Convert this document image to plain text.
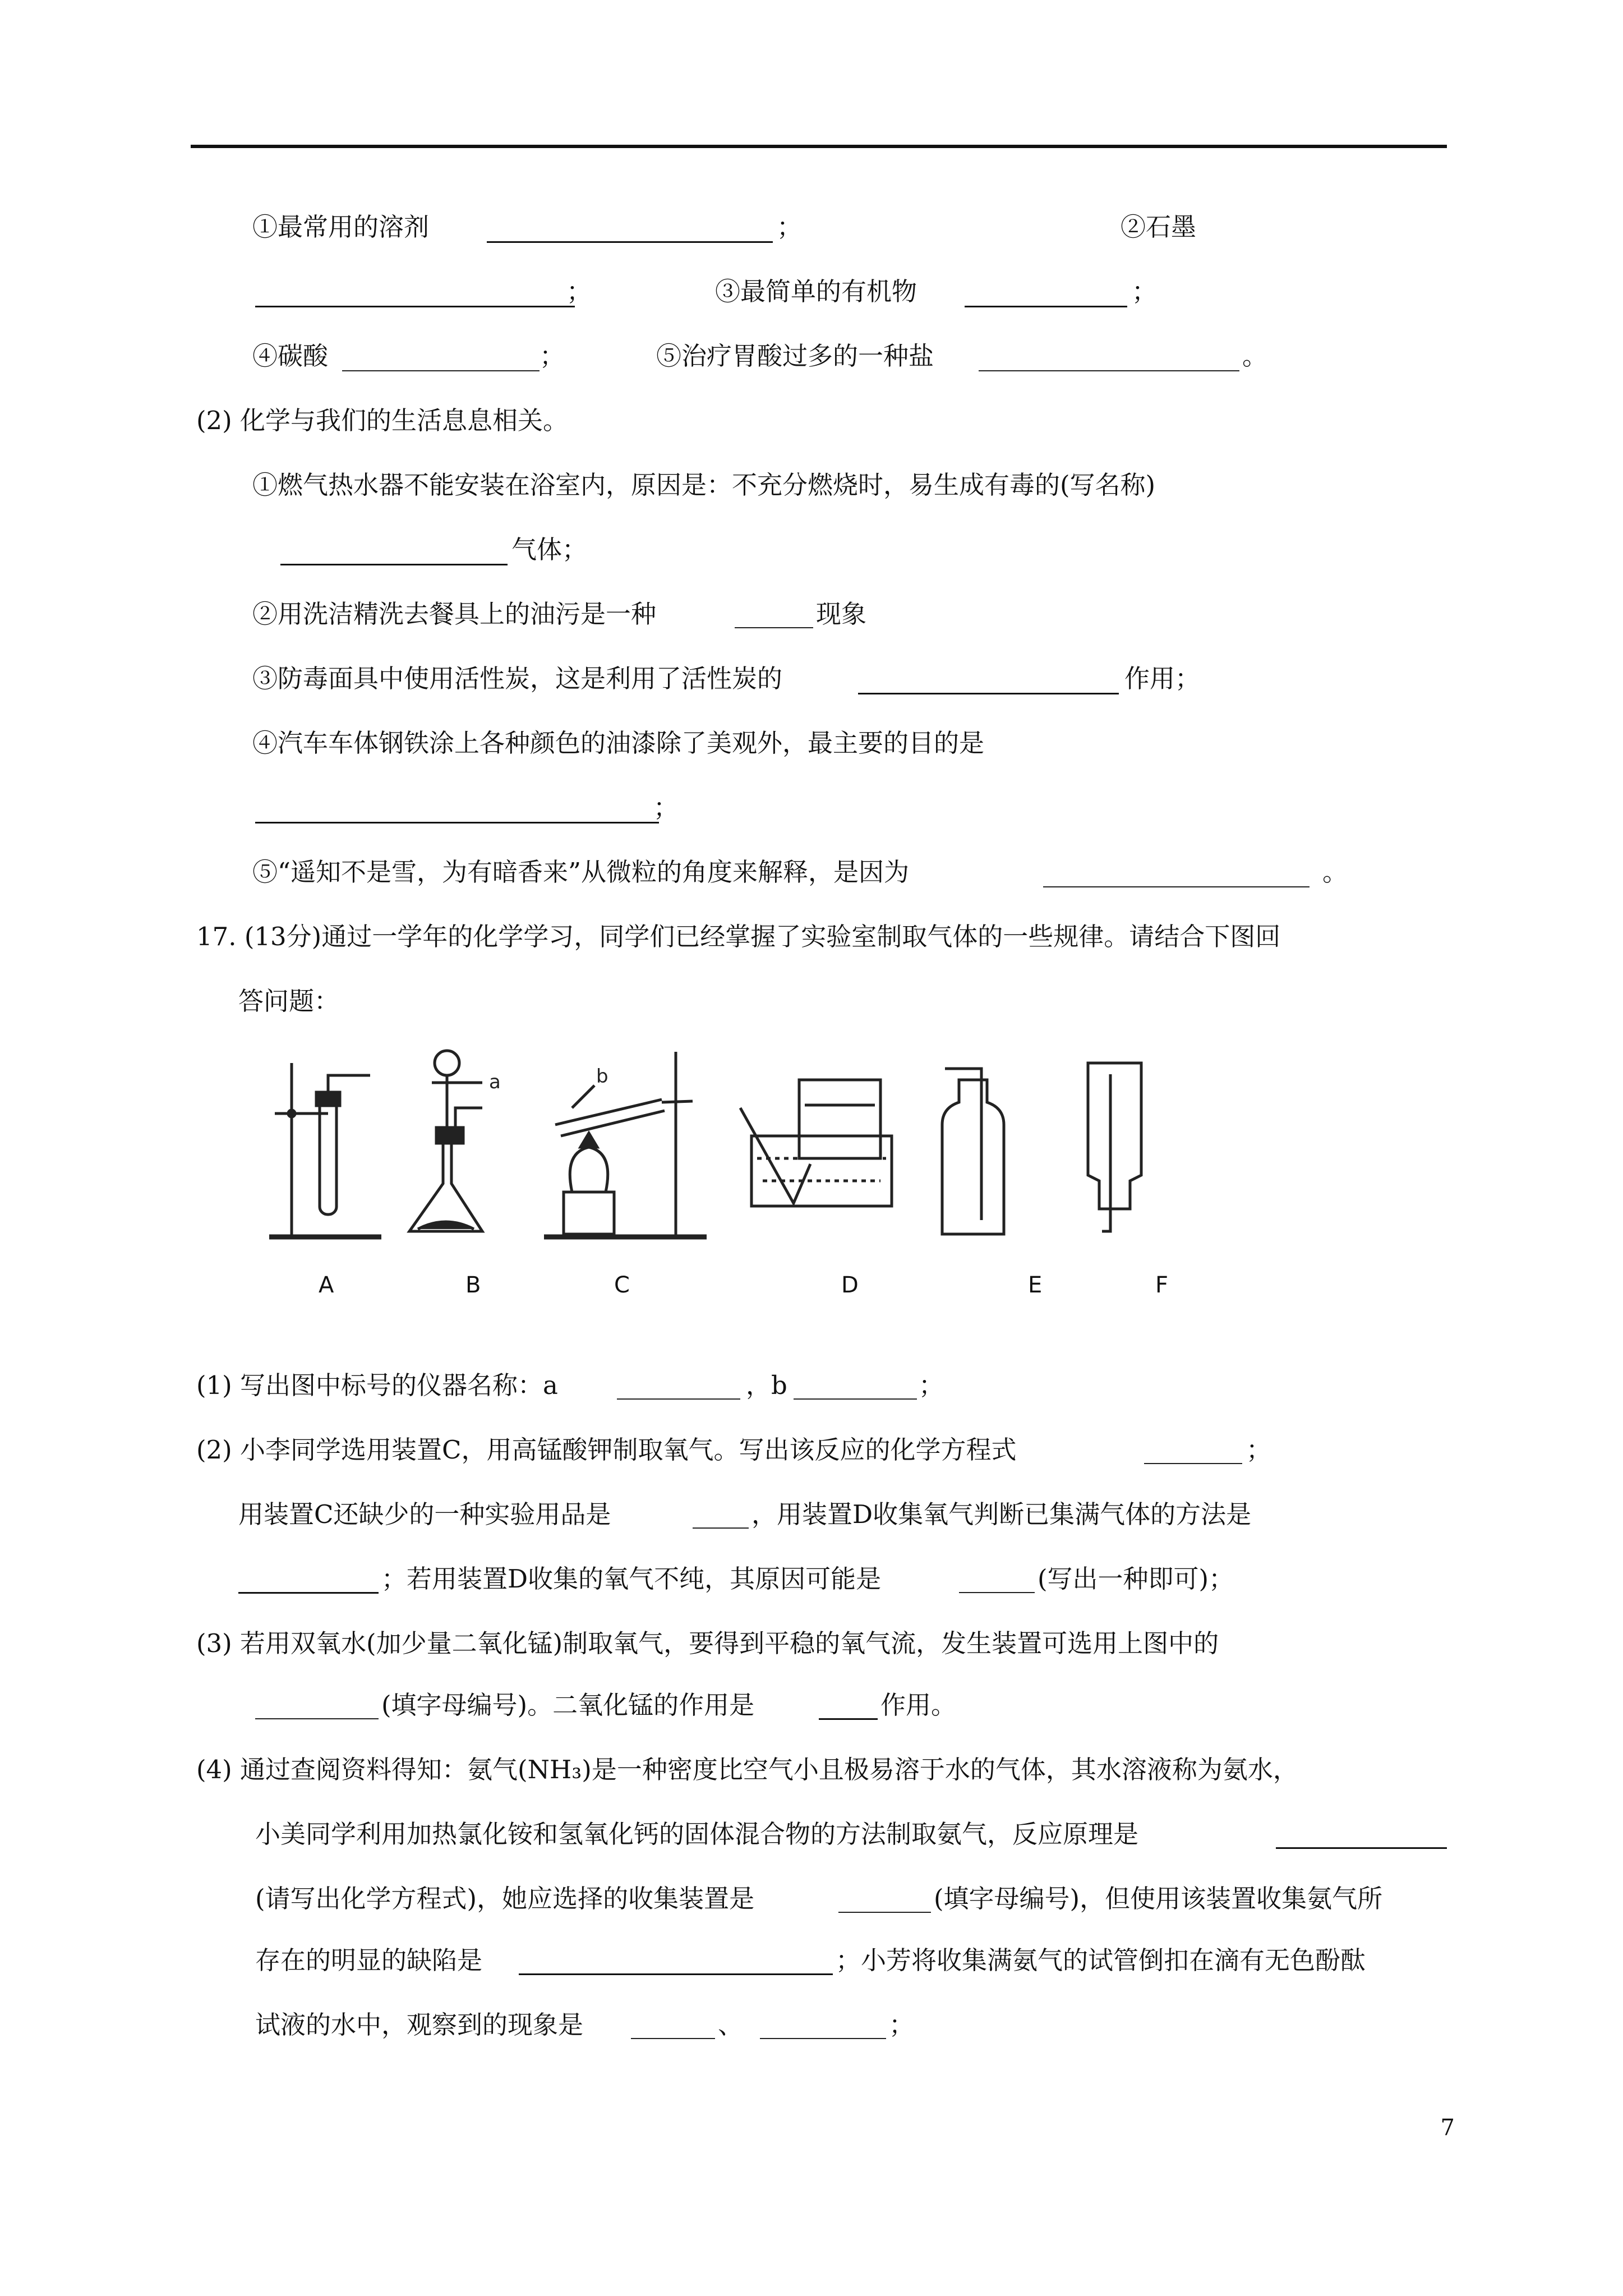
①最常用的溶剂	；	②石墨
；	③最简单的有机物	；
④碳酸	；	⑤治疗胃酸过多的一种盐	。
(2) 化学与我们的生活息息相关。
①燃气热水器不能安装在浴室内，原因是：不充分燃烧时，易生成有毒的(写名称)
气体；
②用洗洁精洗去餐具上的油污是一种	现象
③防毒面具中使用活性炭，这是利用了活性炭的	作用；
④汽车车体钢铁涂上各种颜色的油漆除了美观外，最主要的目的是
；
⑤“遥知不是雪，为有暗香来”从微粒的角度来解释，是因为	。
17. (13分)通过一学年的化学学习，同学们已经掌握了实验室制取气体的一些规律。请结合下图回
答问题：
a	b
A	B	C	D	E	F
(1) 写出图中标号的仪器名称：a	，b	；
(2) 小李同学选用装置C，用高锰酸钾制取氧气。写出该反应的化学方程式	；
用装置C还缺少的一种实验用品是	，用装置D收集氧气判断已集满气体的方法是
；若用装置D收集的氧气不纯，其原因可能是	(写出一种即可)；
(3) 若用双氧水(加少量二氧化锰)制取氧气，要得到平稳的氧气流，发生装置可选用上图中的
(填字母编号)。二氧化锰的作用是	作用。
(4) 通过查阅资料得知：氨气(NH₃)是一种密度比空气小且极易溶于水的气体，其水溶液称为氨水，
小美同学利用加热氯化铵和氢氧化钙的固体混合物的方法制取氨气，反应原理是
(请写出化学方程式)，她应选择的收集装置是	(填字母编号)，但使用该装置收集氨气所
存在的明显的缺陷是	；小芳将收集满氨气的试管倒扣在滴有无色酚酞
试液的水中，观察到的现象是	、	；
7
